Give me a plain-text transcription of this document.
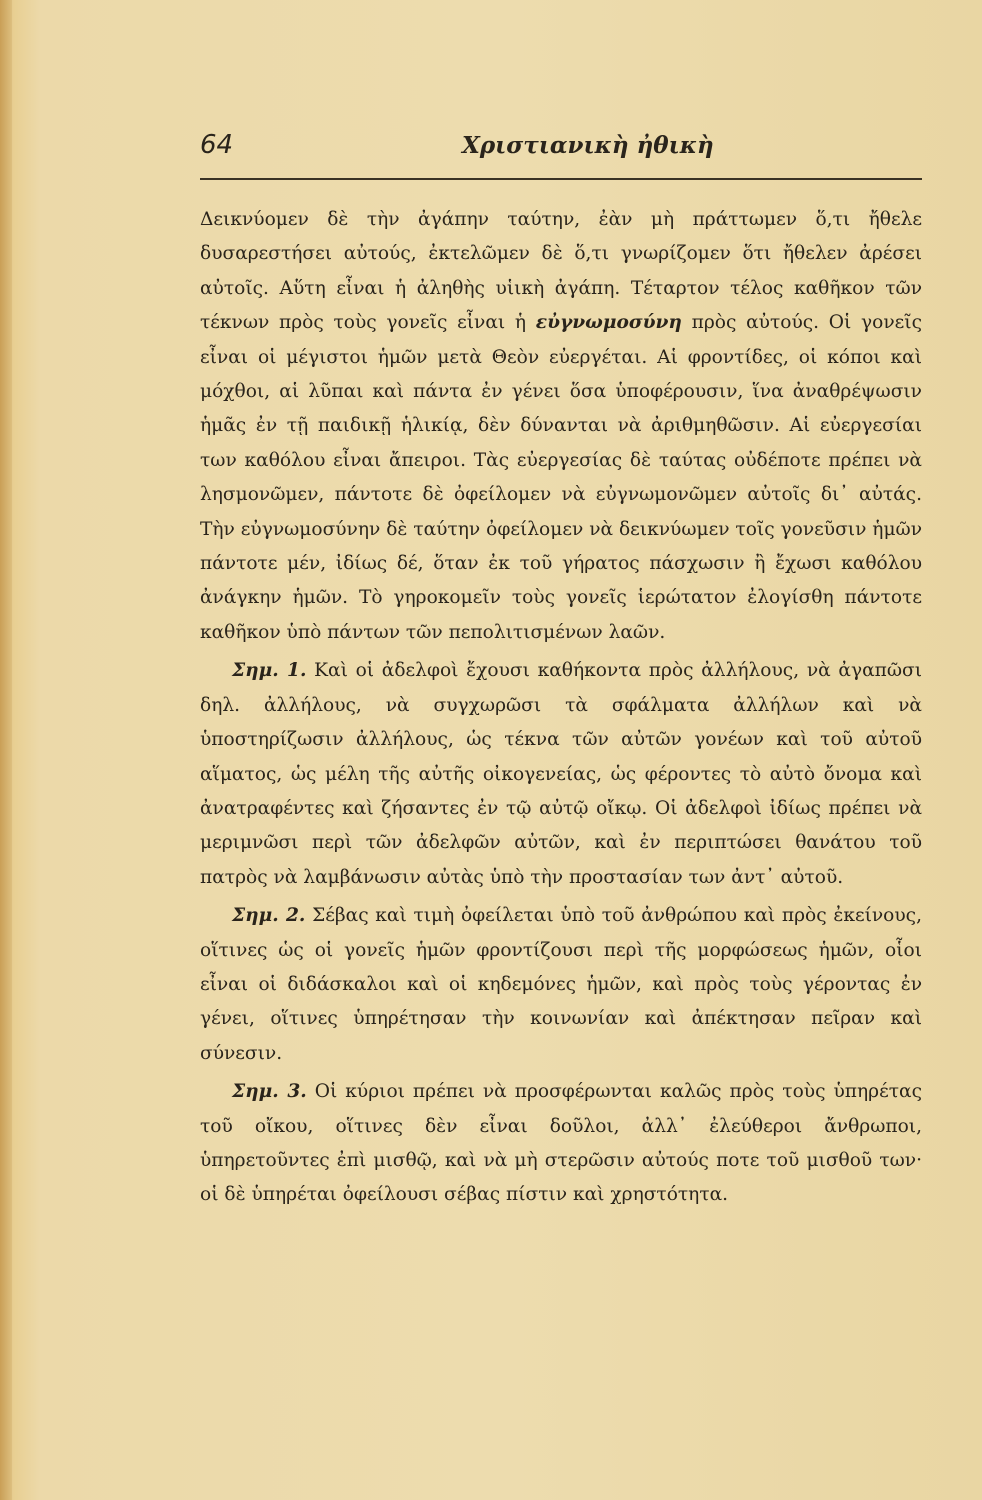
64	Χριστιανικὴ ἠθικὴ

Δεικνύομεν δὲ τὴν ἀγάπην ταύτην, ἐὰν μὴ πράττωμεν ὅ,τι ἤθελε δυσαρεστήσει αὐτούς, ἐκτελῶμεν δὲ ὅ,τι γνωρίζομεν ὅτι ἤθελεν ἀρέσει αὐτοῖς. Αὕτη εἶναι ἡ ἀληθὴς υἱικὴ ἀγάπη. Τέταρτον τέλος καθῆκον τῶν τέκνων πρὸς τοὺς γονεῖς εἶναι ἡ εὐγνωμοσύνη πρὸς αὐτούς. Οἱ γονεῖς εἶναι οἱ μέγιστοι ἡμῶν μετὰ Θεὸν εὐεργέται. Αἱ φροντίδες, οἱ κόποι καὶ μόχθοι, αἱ λῦπαι καὶ πάντα ἐν γένει ὅσα ὑποφέρουσιν, ἵνα ἀναθρέψωσιν ἡμᾶς ἐν τῇ παιδικῇ ἡλικίᾳ, δὲν δύνανται νὰ ἀριθμηθῶσιν. Αἱ εὐεργεσίαι των καθόλου εἶναι ἄπειροι. Τὰς εὐεργεσίας δὲ ταύτας οὐδέποτε πρέπει νὰ λησμονῶμεν, πάντοτε δὲ ὀφείλομεν νὰ εὐγνωμονῶμεν αὐτοῖς δι᾽ αὐτάς. Τὴν εὐγνωμοσύνην δὲ ταύτην ὀφείλομεν νὰ δεικνύωμεν τοῖς γονεῦσιν ἡμῶν πάντοτε μέν, ἰδίως δέ, ὅταν ἐκ τοῦ γήρατος πάσχωσιν ἢ ἔχωσι καθόλου ἀνάγκην ἡμῶν. Τὸ γηροκομεῖν τοὺς γονεῖς ἱερώτατον ἐλογίσθη πάντοτε καθῆκον ὑπὸ πάντων τῶν πεπολιτισμένων λαῶν.

Σημ. 1. Καὶ οἱ ἀδελφοὶ ἔχουσι καθήκοντα πρὸς ἀλλήλους, νὰ ἀγαπῶσι δηλ. ἀλλήλους, νὰ συγχωρῶσι τὰ σφάλματα ἀλλήλων καὶ νὰ ὑποστηρίζωσιν ἀλλήλους, ὡς τέκνα τῶν αὐτῶν γονέων καὶ τοῦ αὐτοῦ αἵματος, ὡς μέλη τῆς αὐτῆς οἰκογενείας, ὡς φέροντες τὸ αὐτὸ ὄνομα καὶ ἀνατραφέντες καὶ ζήσαντες ἐν τῷ αὐτῷ οἴκῳ. Οἱ ἀδελφοὶ ἰδίως πρέπει νὰ μεριμνῶσι περὶ τῶν ἀδελφῶν αὐτῶν, καὶ ἐν περιπτώσει θανάτου τοῦ πατρὸς νὰ λαμβάνωσιν αὐτὰς ὑπὸ τὴν προστασίαν των ἀντ᾽ αὐτοῦ.

Σημ. 2. Σέβας καὶ τιμὴ ὀφείλεται ὑπὸ τοῦ ἀνθρώπου καὶ πρὸς ἐκείνους, οἵτινες ὡς οἱ γονεῖς ἡμῶν φροντίζουσι περὶ τῆς μορφώσεως ἡμῶν, οἷοι εἶναι οἱ διδάσκαλοι καὶ οἱ κηδεμόνες ἡμῶν, καὶ πρὸς τοὺς γέροντας ἐν γένει, οἵτινες ὑπηρέτησαν τὴν κοινωνίαν καὶ ἀπέκτησαν πεῖραν καὶ σύνεσιν.

Σημ. 3. Οἱ κύριοι πρέπει νὰ προσφέρωνται καλῶς πρὸς τοὺς ὑπηρέτας τοῦ οἴκου, οἵτινες δὲν εἶναι δοῦλοι, ἀλλ᾽ ἐλεύθεροι ἄνθρωποι, ὑπηρετοῦντες ἐπὶ μισθῷ, καὶ νὰ μὴ στερῶσιν αὐτούς ποτε τοῦ μισθοῦ των· οἱ δὲ ὑπηρέται ὀφείλουσι σέβας πίστιν καὶ χρηστότητα.
